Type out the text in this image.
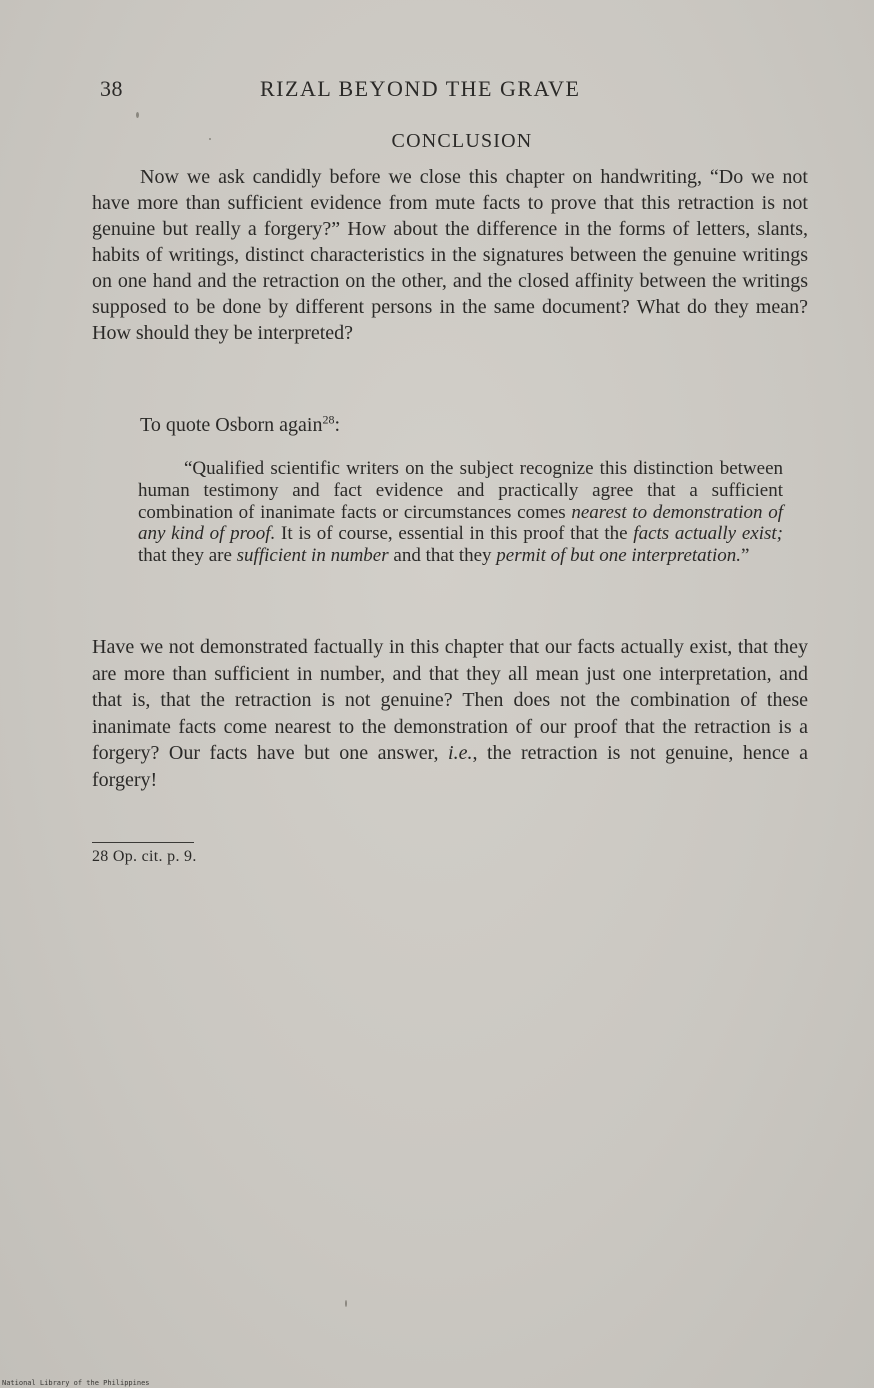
38	RIZAL BEYOND THE GRAVE
CONCLUSION
Now we ask candidly before we close this chapter on handwriting, “Do we not have more than sufficient evidence from mute facts to prove that this retraction is not genuine but really a forgery?” How about the difference in the forms of letters, slants, habits of writings, distinct characteristics in the signatures between the genuine writings on one hand and the retraction on the other, and the closed affinity between the writings supposed to be done by different persons in the same document? What do they mean? How should they be interpreted?
To quote Osborn again$^{28}$:
“Qualified scientific writers on the subject recognize this distinction between human testimony and fact evidence and practically agree that a sufficient combination of inanimate facts or circumstances comes nearest to demonstration of any kind of proof. It is of course, essential in this proof that the facts actually exist; that they are sufficient in number and that they permit of but one interpretation.”
Have we not demonstrated factually in this chapter that our facts actually exist, that they are more than sufficient in number, and that they all mean just one interpretation, and that is, that the retraction is not genuine? Then does not the combination of these inanimate facts come nearest to the demonstration of our proof that the retraction is a forgery? Our facts have but one answer, i.e., the retraction is not genuine, hence a forgery!
28 Op. cit. p. 9.
National Library of the Philippines
